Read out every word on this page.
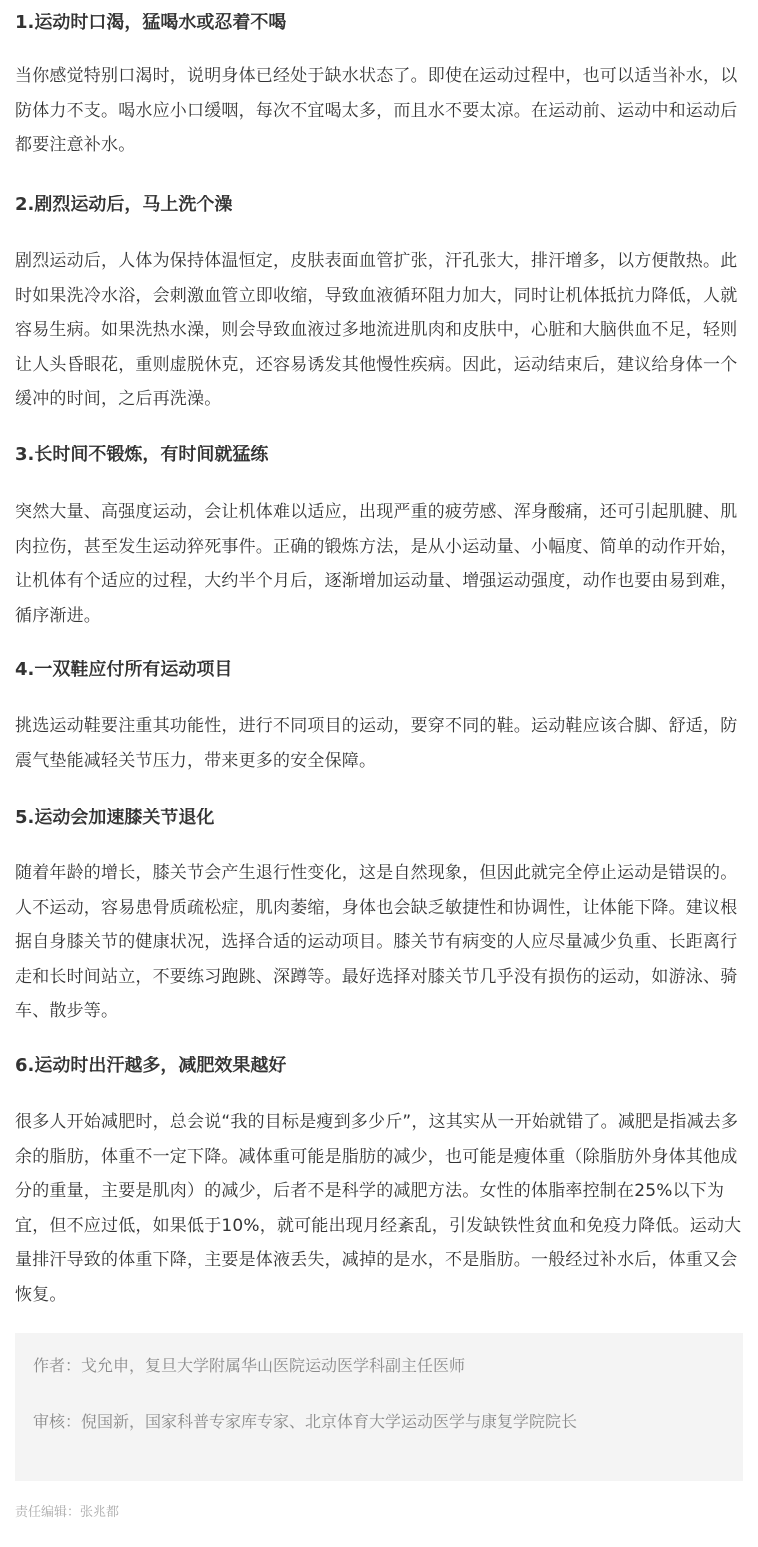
1.运动时口渴，猛喝水或忍着不喝

当你感觉特别口渴时，说明身体已经处于缺水状态了。即使在运动过程中，也可以适当补水，以防体力不支。喝水应小口缓咽，每次不宜喝太多，而且水不要太凉。在运动前、运动中和运动后都要注意补水。

2.剧烈运动后，马上洗个澡

剧烈运动后，人体为保持体温恒定，皮肤表面血管扩张，汗孔张大，排汗增多，以方便散热。此时如果洗冷水浴，会刺激血管立即收缩，导致血液循环阻力加大，同时让机体抵抗力降低，人就容易生病。如果洗热水澡，则会导致血液过多地流进肌肉和皮肤中，心脏和大脑供血不足，轻则让人头昏眼花，重则虚脱休克，还容易诱发其他慢性疾病。因此，运动结束后，建议给身体一个缓冲的时间，之后再洗澡。

3.长时间不锻炼，有时间就猛练

突然大量、高强度运动，会让机体难以适应，出现严重的疲劳感、浑身酸痛，还可引起肌腱、肌肉拉伤，甚至发生运动猝死事件。正确的锻炼方法，是从小运动量、小幅度、简单的动作开始，让机体有个适应的过程，大约半个月后，逐渐增加运动量、增强运动强度，动作也要由易到难，循序渐进。

4.一双鞋应付所有运动项目

挑选运动鞋要注重其功能性，进行不同项目的运动，要穿不同的鞋。运动鞋应该合脚、舒适，防震气垫能减轻关节压力，带来更多的安全保障。

5.运动会加速膝关节退化

随着年龄的增长，膝关节会产生退行性变化，这是自然现象，但因此就完全停止运动是错误的。人不运动，容易患骨质疏松症，肌肉萎缩，身体也会缺乏敏捷性和协调性，让体能下降。建议根据自身膝关节的健康状况，选择合适的运动项目。膝关节有病变的人应尽量减少负重、长距离行走和长时间站立，不要练习跑跳、深蹲等。最好选择对膝关节几乎没有损伤的运动，如游泳、骑车、散步等。

6.运动时出汗越多，减肥效果越好

很多人开始减肥时，总会说“我的目标是瘦到多少斤”，这其实从一开始就错了。减肥是指减去多余的脂肪，体重不一定下降。减体重可能是脂肪的减少，也可能是瘦体重（除脂肪外身体其他成分的重量，主要是肌肉）的减少，后者不是科学的减肥方法。女性的体脂率控制在25%以下为宜，但不应过低，如果低于10%，就可能出现月经紊乱，引发缺铁性贫血和免疫力降低。运动大量排汗导致的体重下降，主要是体液丢失，减掉的是水，不是脂肪。一般经过补水后，体重又会恢复。

作者：戈允申，复旦大学附属华山医院运动医学科副主任医师

审核：倪国新，国家科普专家库专家、北京体育大学运动医学与康复学院院长

责任编辑：张兆都
